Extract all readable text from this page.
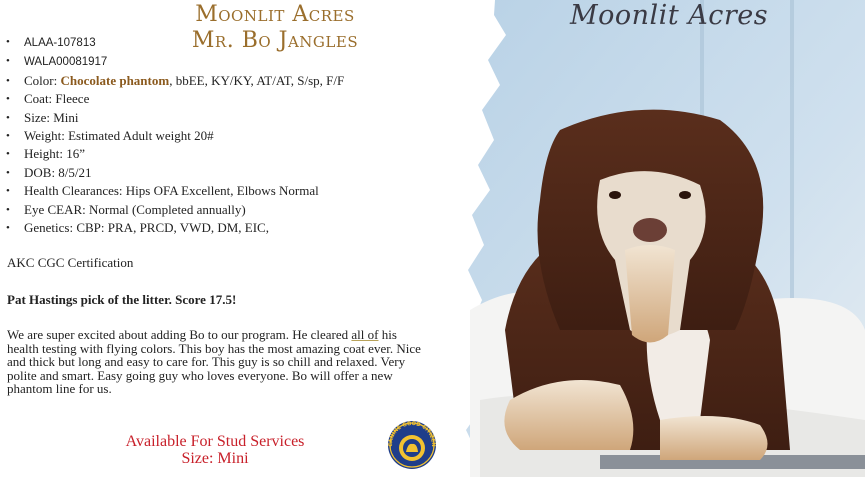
Moonlit Acres
Moonlit Acres
Mr. Bo Jangles
• ALAA-107813
• WALA00081917
• Color: Chocolate phantom, bbEE, KY/KY, AT/AT, S/sp, F/F
• Coat: Fleece
• Size: Mini
• Weight: Estimated Adult weight 20#
• Height: 16”
• DOB: 8/5/21
• Health Clearances: Hips OFA Excellent, Elbows Normal
• Eye CEAR: Normal (Completed annually)
• Genetics: CBP: PRA, PRCD, VWD, DM, EIC,
AKC CGC Certification
Pat Hastings pick of the litter. Score 17.5!
We are super excited about adding Bo to our program. He cleared all of his health testing with flying colors. This boy has the most amazing coat ever. Nice and thick but long and easy to care for. This guy is so chill and relaxed. Very polite and smart. Easy going guy who loves everyone. Bo will offer a new phantom line for us.
Available For Stud Services
Size: Mini
CANINE GOOD CITIZEN
